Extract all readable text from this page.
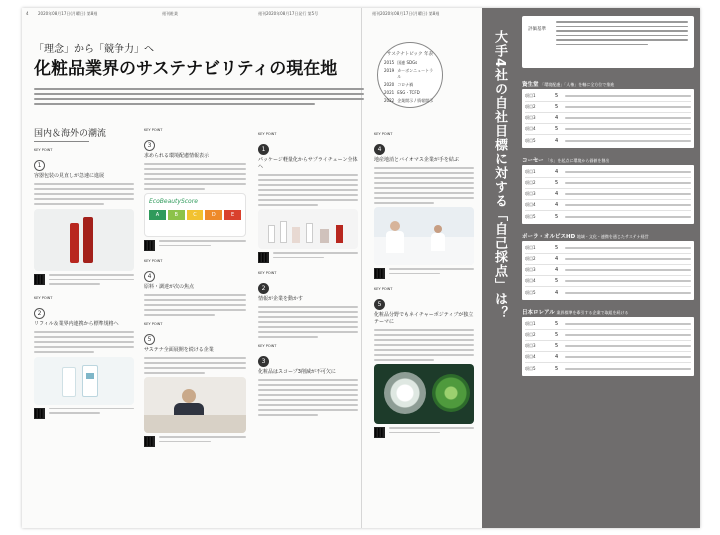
4 2020年08月17日(月曜日) 第8週	週刊粧業	週刊2020年08月17日発行 第5号	週刊2020年08月17日(月曜日) 第8週
「理念」から「競争力」へ
化粧品業界のサステナビリティの現在地
サステナトピック 年表
2015 国連 SDGs
2019 カーボンニュートラル
2020 コロナ禍
2021 ESG・TCFD
2022 企業開示 / 情報開示
国内＆海外の潮流
KEY POINT
1
容器包装の見直しが急速に進展
KEY POINT
2
リフィル＆業界内連携から標準規格へ
KEY POINT
3
求められる環境配慮情報表示
EcoBeautyScore
A	B	C	D	E
KEY POINT
4
原料・調達が次の焦点
KEY POINT
5
サステナ全面展開を続ける企業
KEY POINT
1
パッケージ軽量化からサプライチェーン全体へ
KEY POINT
2
情報が企業を動かす
KEY POINT
3
化粧品はスコープ3削減が不可欠に
KEY POINT
4
地産地消とバイオマス企業が手を結ぶ
KEY POINT
5
化粧品分野でもネイチャーポジティブが独立テーマに
大手4社の自社目標に対する「自己採点」は？
評価基準
資生堂 「環境配慮」「人権」を軸に全方位で推進
項目1	5
項目2	5
項目3	4
項目4	5
項目5	4
コーセー 「水」を起点に環境から価値を創出
項目1	4
項目2	5
項目3	4
項目4	4
項目5	5
ポーラ・オルビスHD 地域・文化・連携を通じたサステナ経営
項目1	5
項目2	4
項目3	4
項目4	5
項目5	4
日本ロレアル 業界標準を牽引する企業で取組を続ける
項目1	5
項目2	5
項目3	5
項目4	4
項目5	5
